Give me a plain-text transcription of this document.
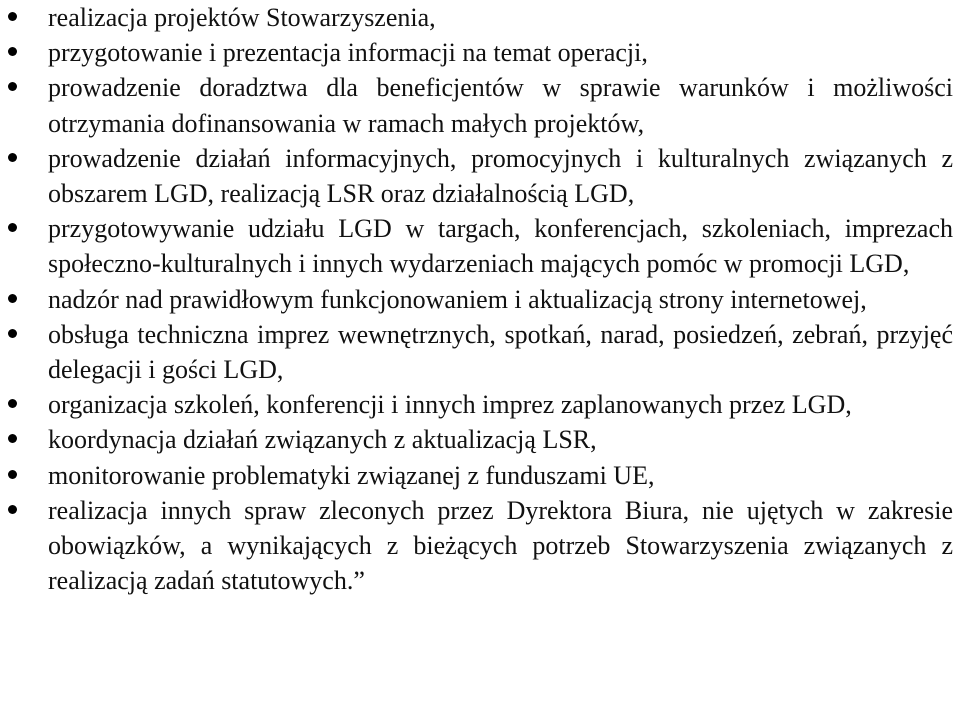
realizacja projektów Stowarzyszenia,
przygotowanie i prezentacja informacji na temat operacji,
prowadzenie doradztwa dla beneficjentów w sprawie warunków i możliwości otrzymania dofinansowania w ramach małych projektów,
prowadzenie działań informacyjnych, promocyjnych i kulturalnych związanych z obszarem LGD, realizacją LSR oraz działalnością LGD,
przygotowywanie udziału LGD w targach, konferencjach, szkoleniach, imprezach społeczno-kulturalnych i innych wydarzeniach mających pomóc w promocji LGD,
nadzór nad prawidłowym funkcjonowaniem i aktualizacją strony internetowej,
obsługa techniczna imprez wewnętrznych, spotkań, narad, posiedzeń, zebrań, przyjęć delegacji i gości LGD,
organizacja szkoleń, konferencji i innych imprez zaplanowanych przez LGD,
koordynacja działań związanych z aktualizacją LSR,
monitorowanie problematyki związanej z funduszami UE,
realizacja innych spraw zleconych przez Dyrektora Biura, nie ujętych w zakresie obowiązków, a wynikających z bieżących potrzeb Stowarzyszenia związanych z realizacją zadań statutowych.”
